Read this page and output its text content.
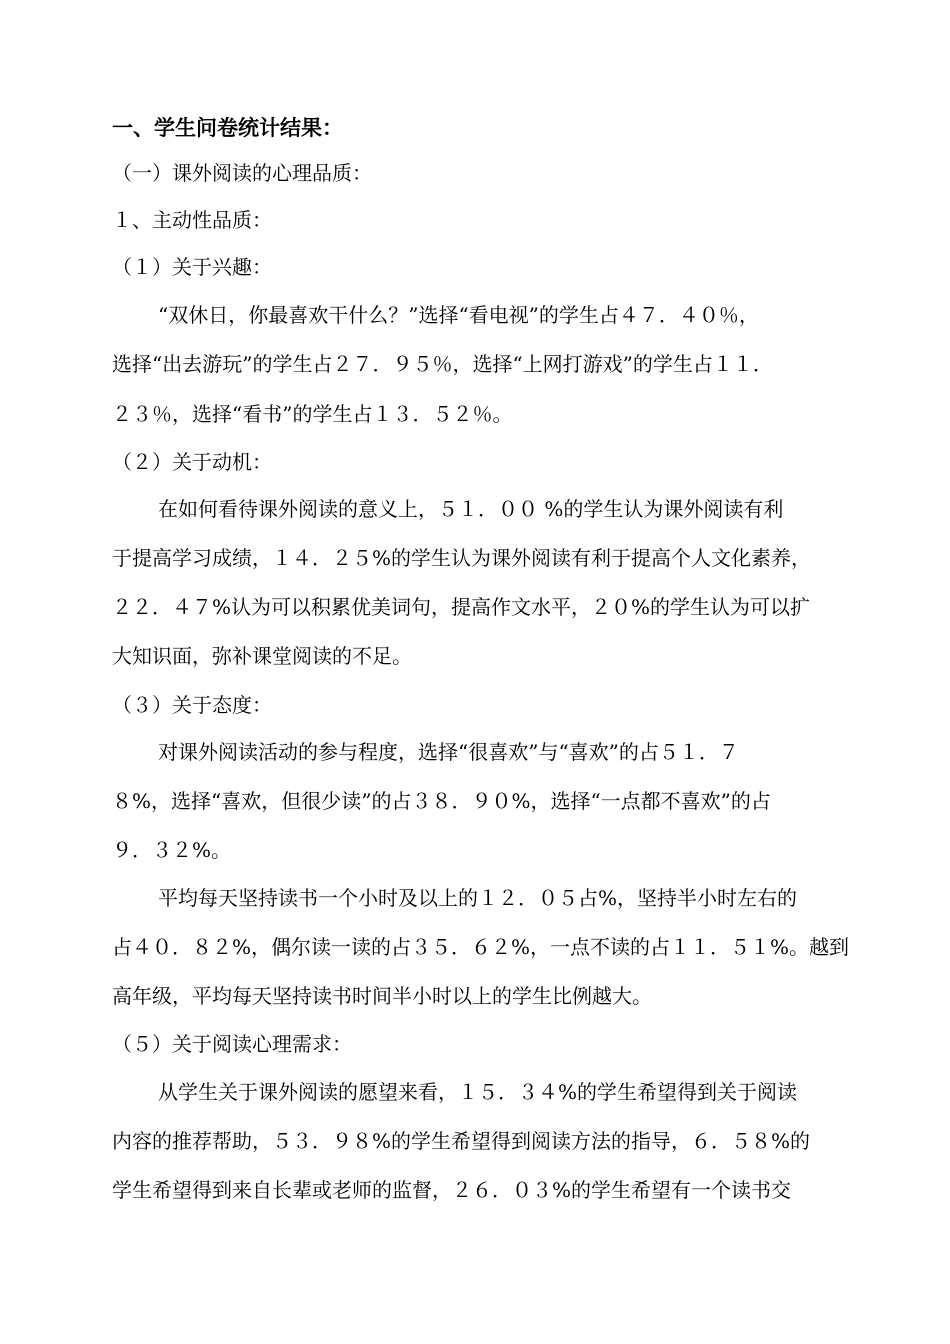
一、学生问卷统计结果：
（一）课外阅读的心理品质：
１、主动性品质：
（１）关于兴趣：
“双休日，你最喜欢干什么？”选择“看电视”的学生占４７．４０％，
选择“出去游玩”的学生占２７．９５％，选择“上网打游戏”的学生占１１．
２３％，选择“看书”的学生占１３．５２％。
（２）关于动机：
在如何看待课外阅读的意义上，５１．００ %的学生认为课外阅读有利
于提高学习成绩，１４．２５%的学生认为课外阅读有利于提高个人文化素养，
２２．４７%认为可以积累优美词句，提高作文水平，２０%的学生认为可以扩
大知识面，弥补课堂阅读的不足。
（３）关于态度：
对课外阅读活动的参与程度，选择“很喜欢”与“喜欢”的占５１．７
８%，选择“喜欢，但很少读”的占３８．９０%，选择“一点都不喜欢”的占
９．３２%。
平均每天坚持读书一个小时及以上的１２．０５占%，坚持半小时左右的
占４０．８２%，偶尔读一读的占３５．６２%，一点不读的占１１．５１%。越到
高年级，平均每天坚持读书时间半小时以上的学生比例越大。
（５）关于阅读心理需求：
从学生关于课外阅读的愿望来看，１５．３４%的学生希望得到关于阅读
内容的推荐帮助，５３．９８%的学生希望得到阅读方法的指导，６．５８%的
学生希望得到来自长辈或老师的监督，２６．０３%的学生希望有一个读书交
